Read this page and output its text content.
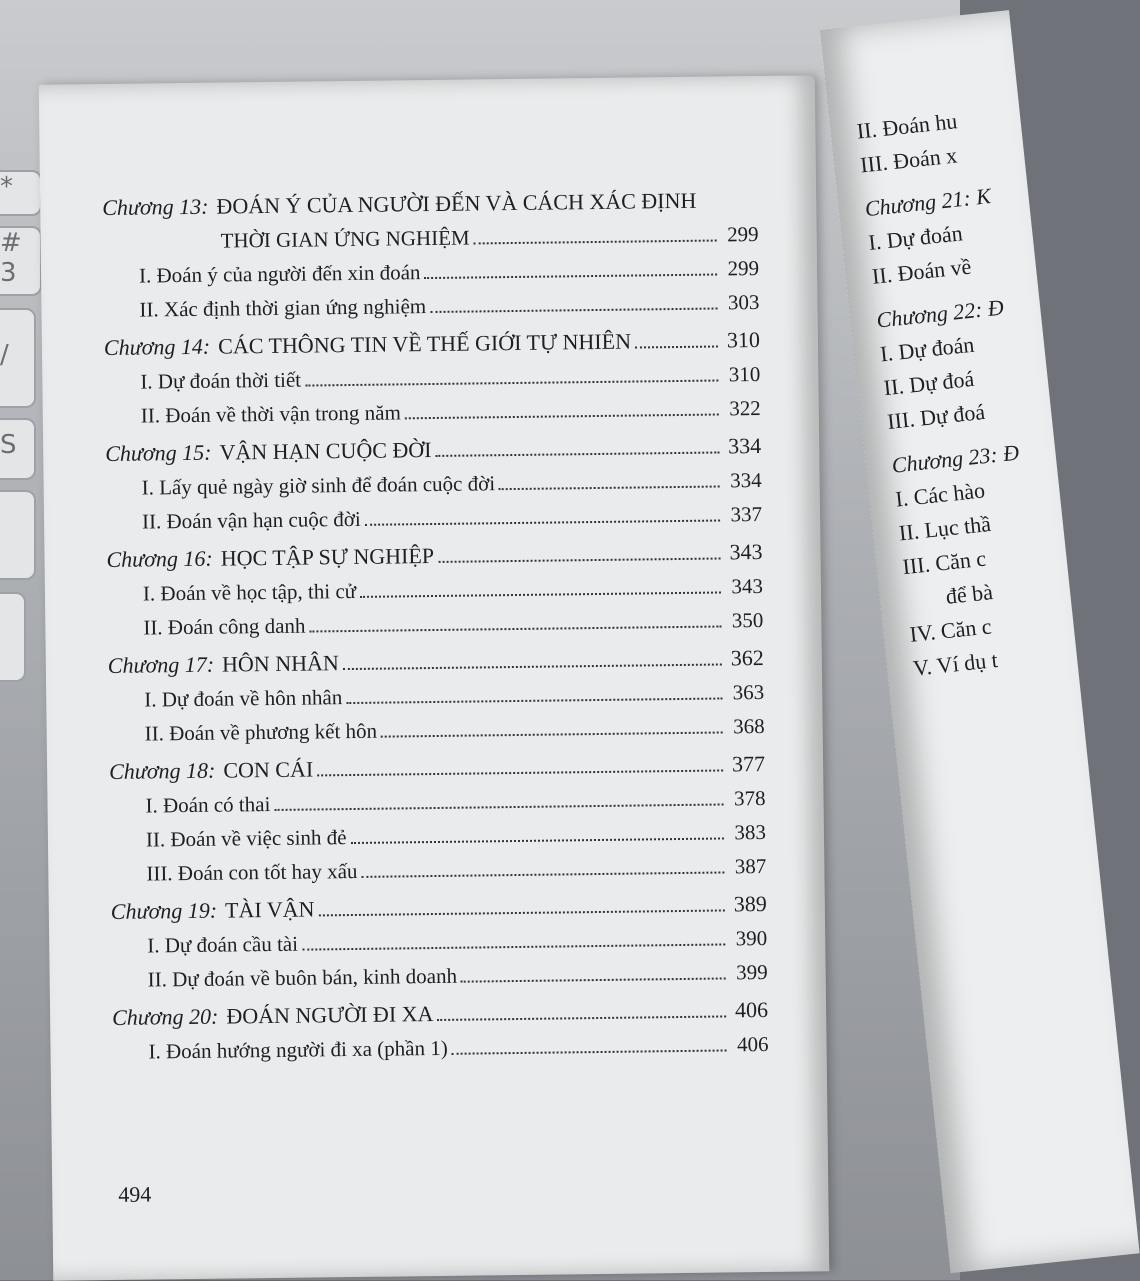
*
#
3
/
S
II. Đoán hu
III. Đoán x
Chương 21: K
I. Dự đoán
II. Đoán về
Chương 22: Đ
I. Dự đoán
II. Dự đoá
III. Dự đoá
Chương 23: Đ
I. Các hào
II. Lục thầ
III. Căn c
để bà
IV. Căn c
V. Ví dụ t
Chương 13: ĐOÁN Ý CỦA NGƯỜI ĐẾN VÀ CÁCH XÁC ĐỊNH
THỜI GIAN ỨNG NGHIỆM	299
I. Đoán ý của người đến xin đoán	299
II. Xác định thời gian ứng nghiệm	303
Chương 14: CÁC THÔNG TIN VỀ THẾ GIỚI TỰ NHIÊN	310
I. Dự đoán thời tiết	310
II. Đoán về thời vận trong năm	322
Chương 15: VẬN HẠN CUỘC ĐỜI	334
I. Lấy quẻ ngày giờ sinh để đoán cuộc đời	334
II. Đoán vận hạn cuộc đời	337
Chương 16: HỌC TẬP SỰ NGHIỆP	343
I. Đoán về học tập, thi cử	343
II. Đoán công danh	350
Chương 17: HÔN NHÂN	362
I. Dự đoán về hôn nhân	363
II. Đoán về phương kết hôn	368
Chương 18: CON CÁI	377
I. Đoán có thai	378
II. Đoán về việc sinh đẻ	383
III. Đoán con tốt hay xấu	387
Chương 19: TÀI VẬN	389
I. Dự đoán cầu tài	390
II. Dự đoán về buôn bán, kinh doanh	399
Chương 20: ĐOÁN NGƯỜI ĐI XA	406
I. Đoán hướng người đi xa (phần 1)	406
494
